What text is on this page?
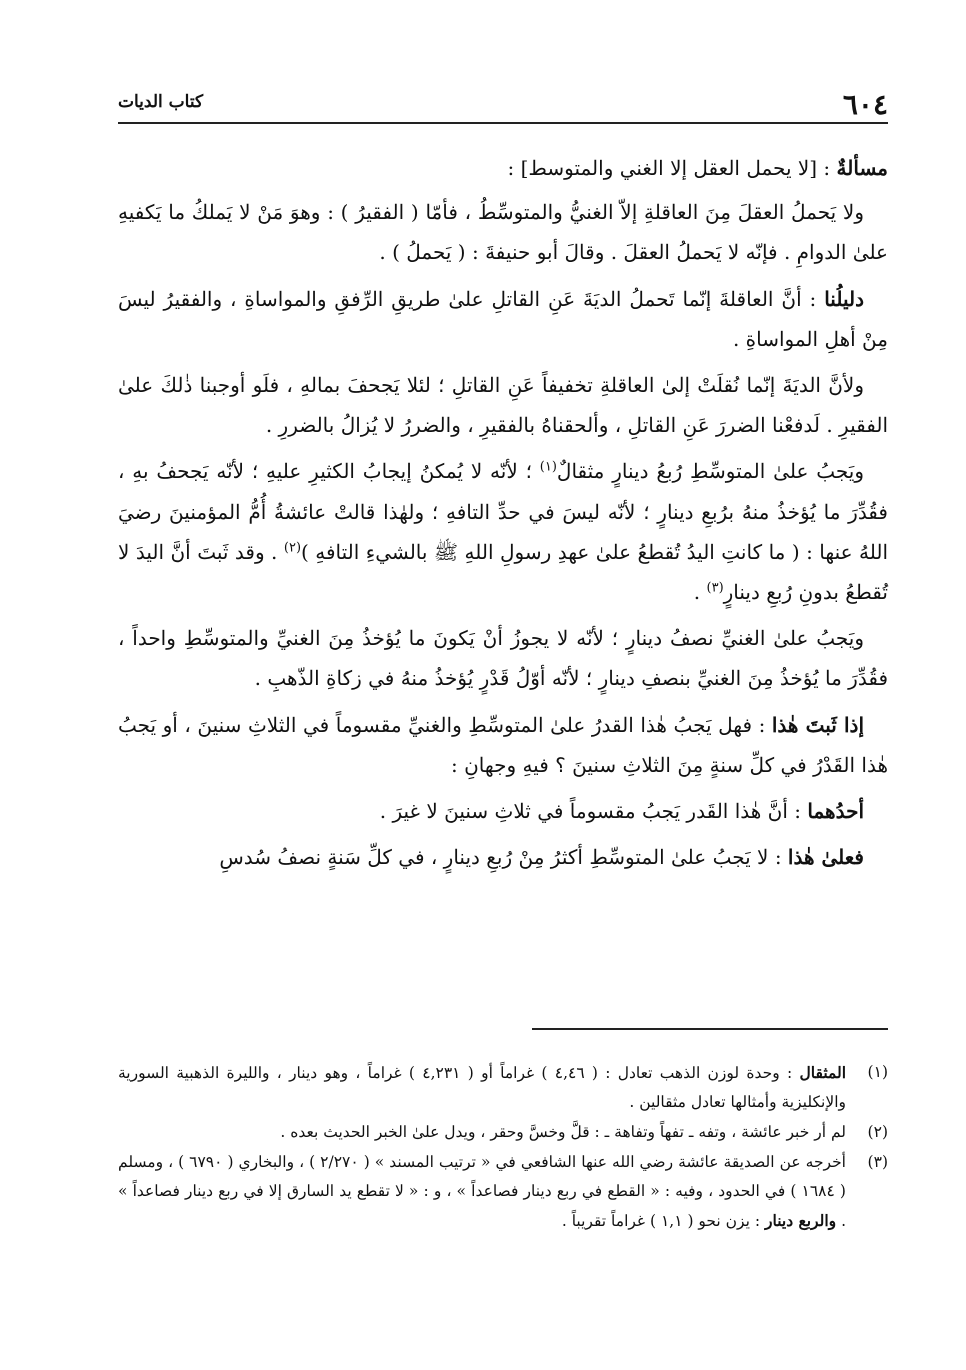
٦٠٤
كتاب الديات

مسألةٌ : [لا يحمل العقل إلا الغني والمتوسط] :

ولا يَحملُ العقلَ مِنَ العاقلةِ إلاّ الغنيُّ والمتوسِّطُ ، فأمّا ( الفقيرُ ) : وهوَ مَنْ لا يَملكُ ما يَكفيهِ علىٰ الدوامِ . فإنّه لا يَحملُ العقلَ . وقالَ أبو حنيفةَ : ( يَحملُ ) .

دليلُنا : أنَّ العاقلةَ إنّما تَحملُ الديَةَ عَنِ القاتلِ علىٰ طريقِ الرِّفقِ والمواساةِ ، والفقيرُ ليسَ مِنْ أهلِ المواساةِ .

ولأنَّ الديَةَ إنّما نُقلَتْ إلىٰ العاقلةِ تخفيفاً عَنِ القاتلِ ؛ لئلا يَجحفَ بمالهِ ، فلَو أوجبنا ذٰلكَ علىٰ الفقيرِ . لَدفعْنا الضررَ عَنِ القاتلِ ، وألحقناهُ بالفقيرِ ، والضررُ لا يُزالُ بالضررِ .

ويَجبُ علىٰ المتوسِّطِ رُبعُ دينارٍ مثقالٌ$^{(١)}$ ؛ لأنّه لا يُمكنُ إيجابُ الكثيرِ عليهِ ؛ لأنّه يَجحفُ بهِ ، فقُدِّرَ ما يُؤخذُ منهُ برُبعِ دينارٍ ؛ لأنّه ليسَ في حدِّ التافهِ ؛ ولهٰذا قالتْ عائشةُ أُمُّ المؤمنينَ رضيَ اللهُ عنها : ( ما كانتِ اليدُ تُقطعُ علىٰ عهدِ رسولِ اللهِ ﷺ بالشيءِ التافهِ )$^{(٢)}$ . وقد ثَبتَ أنَّ اليدَ لا تُقطعُ بدونِ رُبعِ دينارٍ$^{(٣)}$ .

ويَجبُ علىٰ الغنيِّ نصفُ دينارٍ ؛ لأنّه لا يجوزُ أنْ يَكونَ ما يُؤخذُ مِنَ الغنيِّ والمتوسِّطِ واحداً ، فقُدِّرَ ما يُؤخذُ مِنَ الغنيِّ بنصفِ دينارٍ ؛ لأنّه أوّلُ قَدْرٍ يُؤخذُ منهُ في زكاةِ الذّهبِ .

إذا ثَبتَ هٰذا : فهل يَجبُ هٰذا القدرُ علىٰ المتوسِّطِ والغنيِّ مقسوماً في الثلاثِ سنينَ ، أو يَجبُ هٰذا القَدْرُ في كلِّ سنةٍ مِنَ الثلاثِ سنينَ ؟ فيهِ وجهانِ :

أحدُهما : أنَّ هٰذا القَدر يَجبُ مقسوماً في ثلاثِ سنينَ لا غيرَ .

فعلىٰ هٰذا : لا يَجبُ علىٰ المتوسِّطِ أكثرُ مِنْ رُبعِ دينارٍ ، في كلِّ سَنةٍ نصفُ سُدسِ

(١)
المثقال : وحدة لوزن الذهب تعادل : ( ٤,٤٦ ) غراماً أو ( ٤,٢٣١ ) غراماً ، وهو دينار ، والليرة الذهبية السورية والإنكليزية وأمثالها تعادل مثقالين .
(٢)
لم أر خبر عائشة ، وتفه ـ تفهاً وتفاهة ـ : قلَّ وخسَّ وحقر ، ويدل علىٰ الخبر الحديث بعده .
(٣)
أخرجه عن الصديقة عائشة رضي الله عنها الشافعي في « ترتيب المسند » ( ٢/٢٧٠ ) ، والبخاري ( ٦٧٩٠ ) ، ومسلم ( ١٦٨٤ ) في الحدود ، وفيه : « القطع في ربع دينار فصاعداً » ، و : « لا تقطع يد السارق إلا في ربع دينار فصاعداً » . والربع دينار : يزن نحو ( ١,١ ) غراماً تقريباً .
